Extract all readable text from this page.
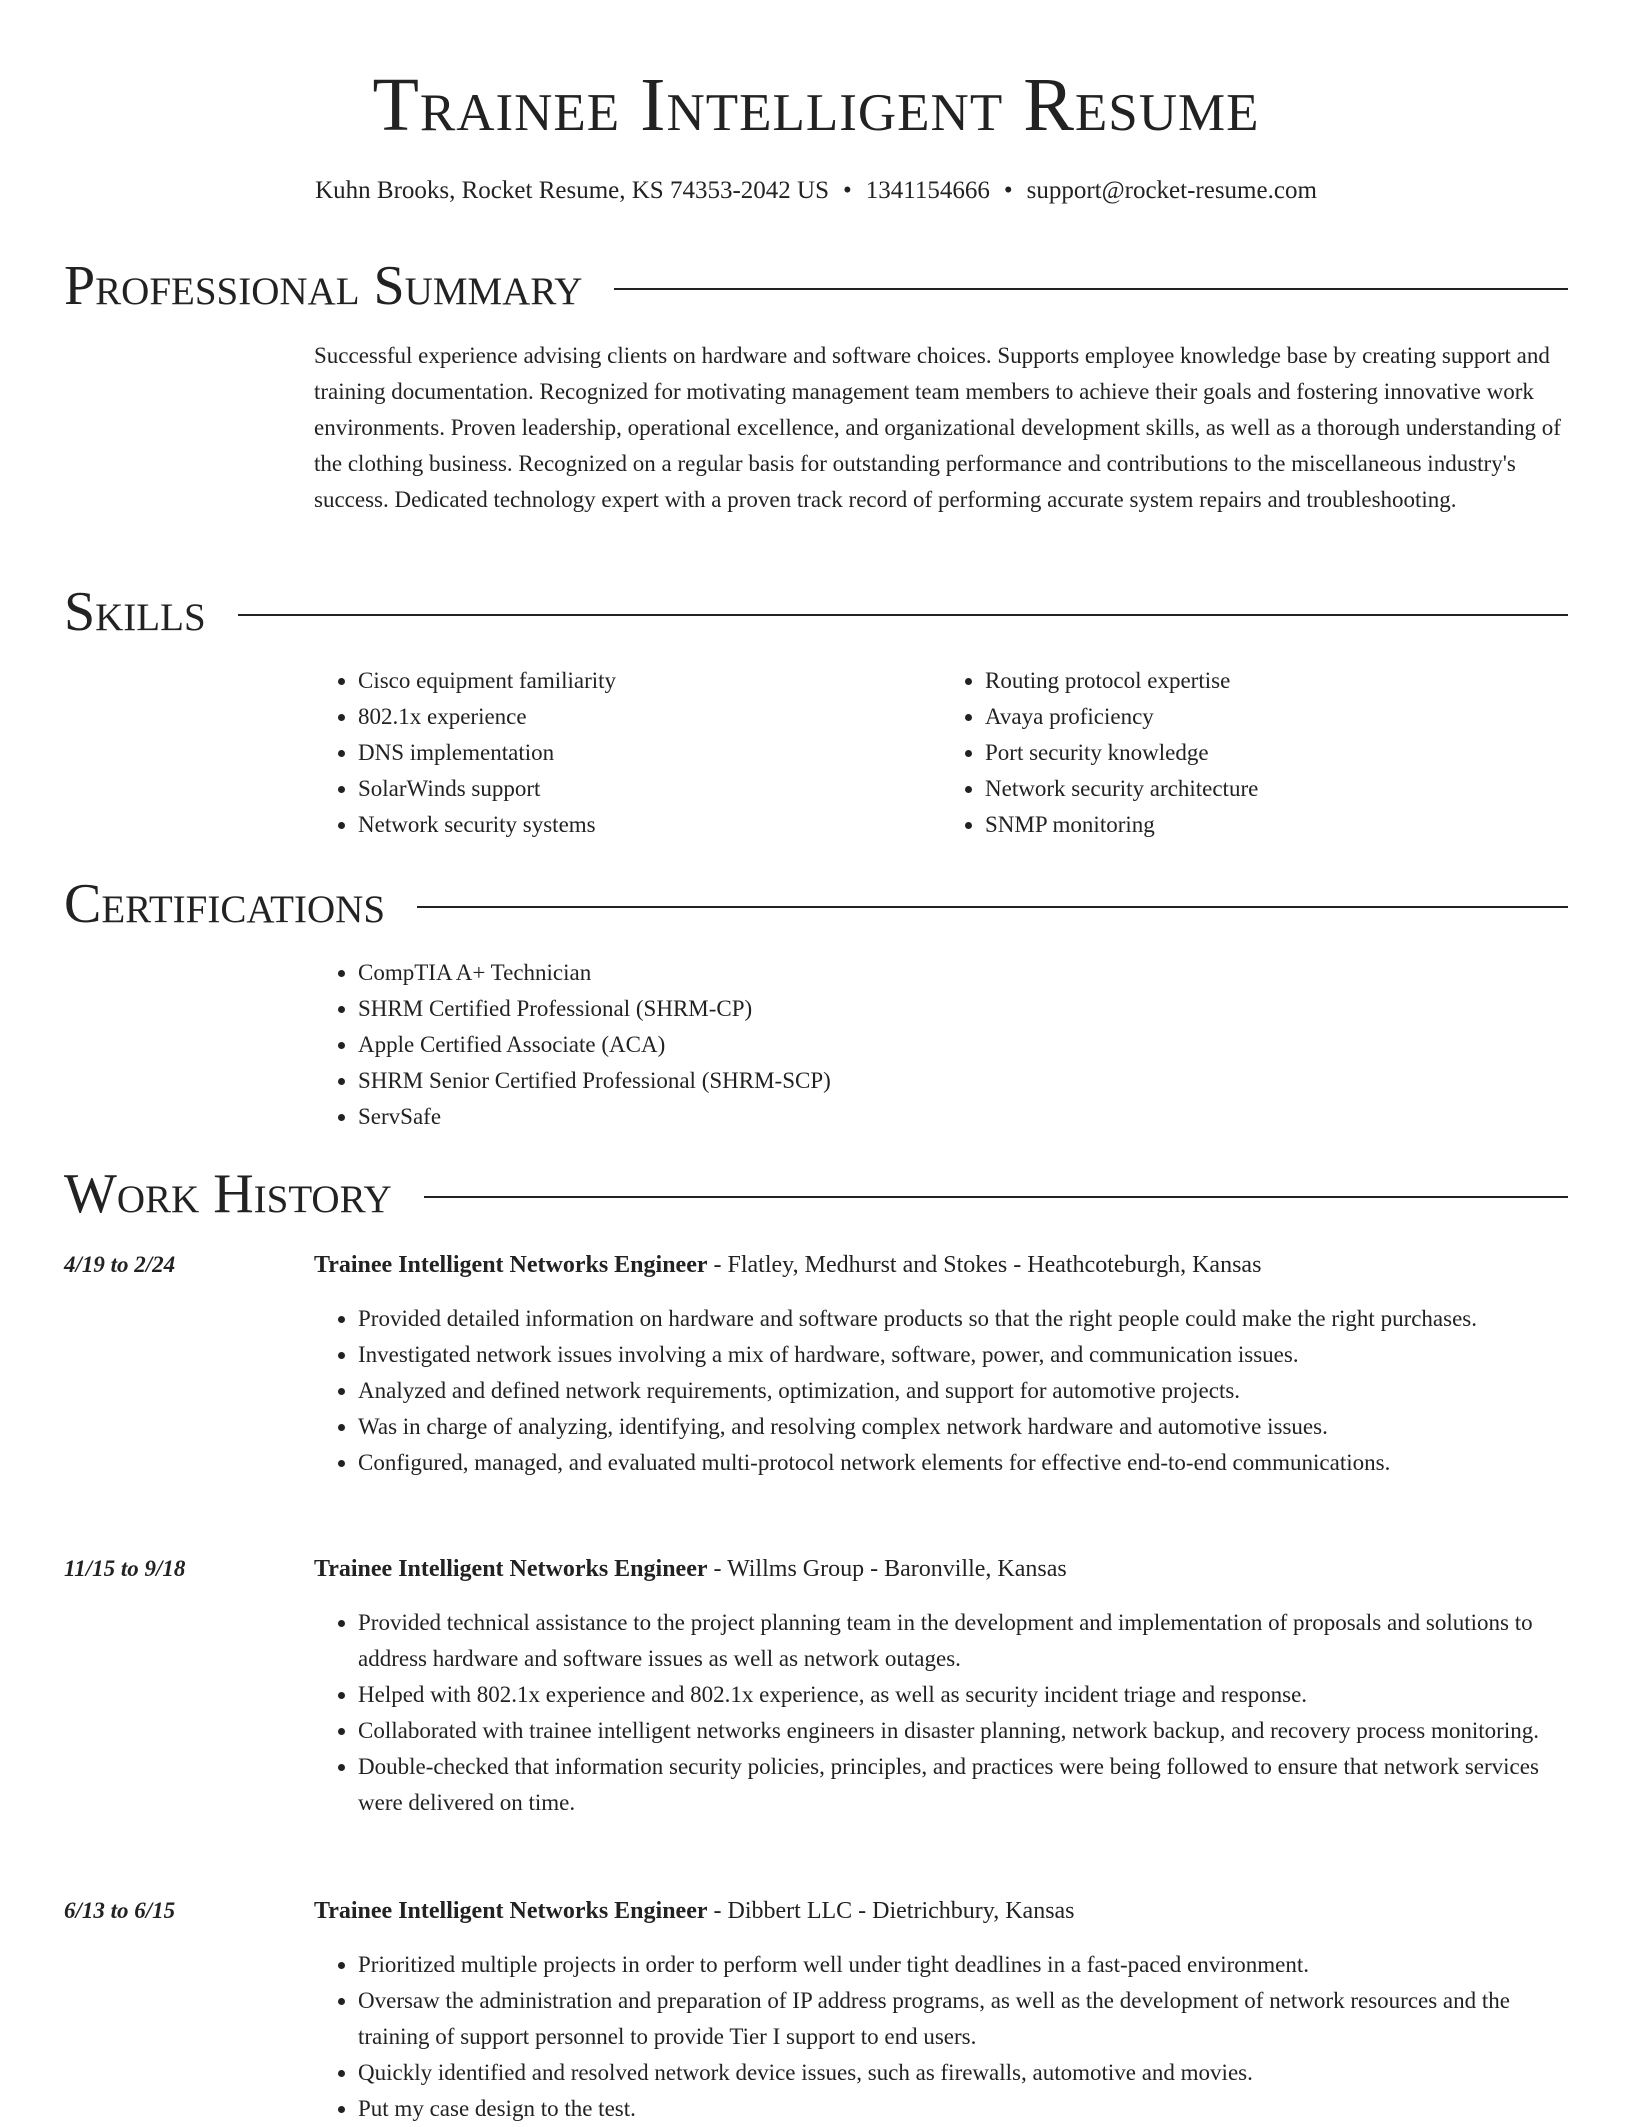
Trainee Intelligent Resume
Kuhn Brooks, Rocket Resume, KS 74353-2042 US • 1341154666 • support@rocket-resume.com
Professional Summary

Successful experience advising clients on hardware and software choices. Supports employee knowledge base by creating support and training documentation. Recognized for motivating management team members to achieve their goals and fostering innovative work environments. Proven leadership, operational excellence, and organizational development skills, as well as a thorough understanding of the clothing business. Recognized on a regular basis for outstanding performance and contributions to the miscellaneous industry's success. Dedicated technology expert with a proven track record of performing accurate system repairs and troubleshooting.

Skills
• Cisco equipment familiarity
• 802.1x experience
• DNS implementation
• SolarWinds support
• Network security systems
• Routing protocol expertise
• Avaya proficiency
• Port security knowledge
• Network security architecture
• SNMP monitoring
Certifications
• CompTIA A+ Technician
• SHRM Certified Professional (SHRM-CP)
• Apple Certified Associate (ACA)
• SHRM Senior Certified Professional (SHRM-SCP)
• ServSafe
Work History
4/19 to 2/24	Trainee Intelligent Networks Engineer - Flatley, Medhurst and Stokes - Heathcoteburgh, Kansas
• Provided detailed information on hardware and software products so that the right people could make the right purchases.
• Investigated network issues involving a mix of hardware, software, power, and communication issues.
• Analyzed and defined network requirements, optimization, and support for automotive projects.
• Was in charge of analyzing, identifying, and resolving complex network hardware and automotive issues.
• Configured, managed, and evaluated multi-protocol network elements for effective end-to-end communications.
11/15 to 9/18	Trainee Intelligent Networks Engineer - Willms Group - Baronville, Kansas
• Provided technical assistance to the project planning team in the development and implementation of proposals and solutions to address hardware and software issues as well as network outages.
• Helped with 802.1x experience and 802.1x experience, as well as security incident triage and response.
• Collaborated with trainee intelligent networks engineers in disaster planning, network backup, and recovery process monitoring.
• Double-checked that information security policies, principles, and practices were being followed to ensure that network services were delivered on time.
6/13 to 6/15	Trainee Intelligent Networks Engineer - Dibbert LLC - Dietrichbury, Kansas
• Prioritized multiple projects in order to perform well under tight deadlines in a fast-paced environment.
• Oversaw the administration and preparation of IP address programs, as well as the development of network resources and the training of support personnel to provide Tier I support to end users.
• Quickly identified and resolved network device issues, such as firewalls, automotive and movies.
• Put my case design to the test.
